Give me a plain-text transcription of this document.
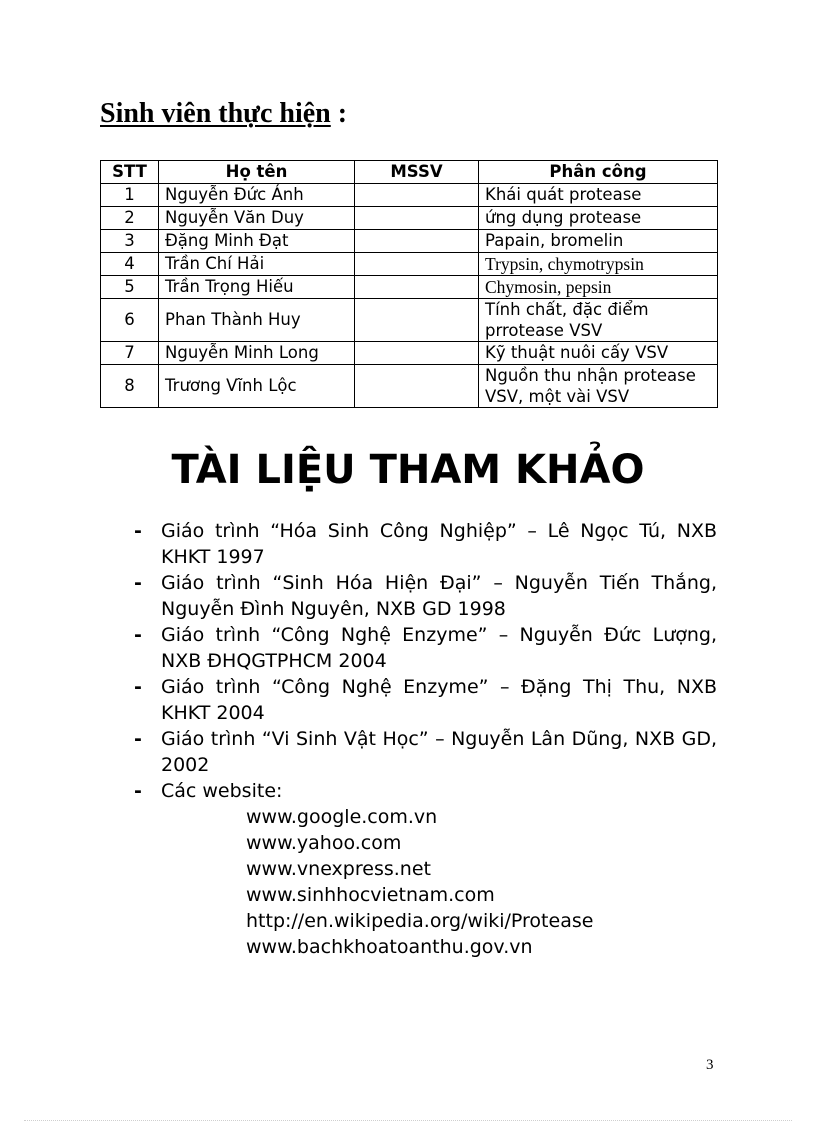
Sinh viên thực hiện :
STT	Họ tên	MSSV	Phân công
1	Nguyễn Đức Ánh		Khái quát protease
2	Nguyễn Văn Duy		ứng dụng protease
3	Đặng Minh Đạt		Papain, bromelin
4	Trần Chí Hải		Trypsin, chymotrypsin
5	Trần Trọng Hiếu		Chymosin, pepsin
6	Phan Thành Huy		Tính chất, đặc điểm prrotease VSV
7	Nguyễn Minh Long		Kỹ thuật nuôi cấy VSV
8	Trương Vĩnh Lộc		Nguồn thu nhận protease VSV, một vài VSV
TÀI LIỆU THAM KHẢO
- Giáo trình “Hóa Sinh Công Nghiệp” – Lê Ngọc Tú, NXB KHKT 1997
- Giáo trình “Sinh Hóa Hiện Đại” – Nguyễn Tiến Thắng, Nguyễn Đình Nguyên, NXB GD 1998
- Giáo trình “Công Nghệ Enzyme” – Nguyễn Đức Lượng, NXB ĐHQGTPHCM 2004
- Giáo trình “Công Nghệ Enzyme” – Đặng Thị Thu, NXB KHKT 2004
- Giáo trình “Vi Sinh Vật Học” – Nguyễn Lân Dũng, NXB GD, 2002
- Các website:
www.google.com.vn
www.yahoo.com
www.vnexpress.net
www.sinhhocvietnam.com
http://en.wikipedia.org/wiki/Protease
www.bachkhoatoanthu.gov.vn
3
